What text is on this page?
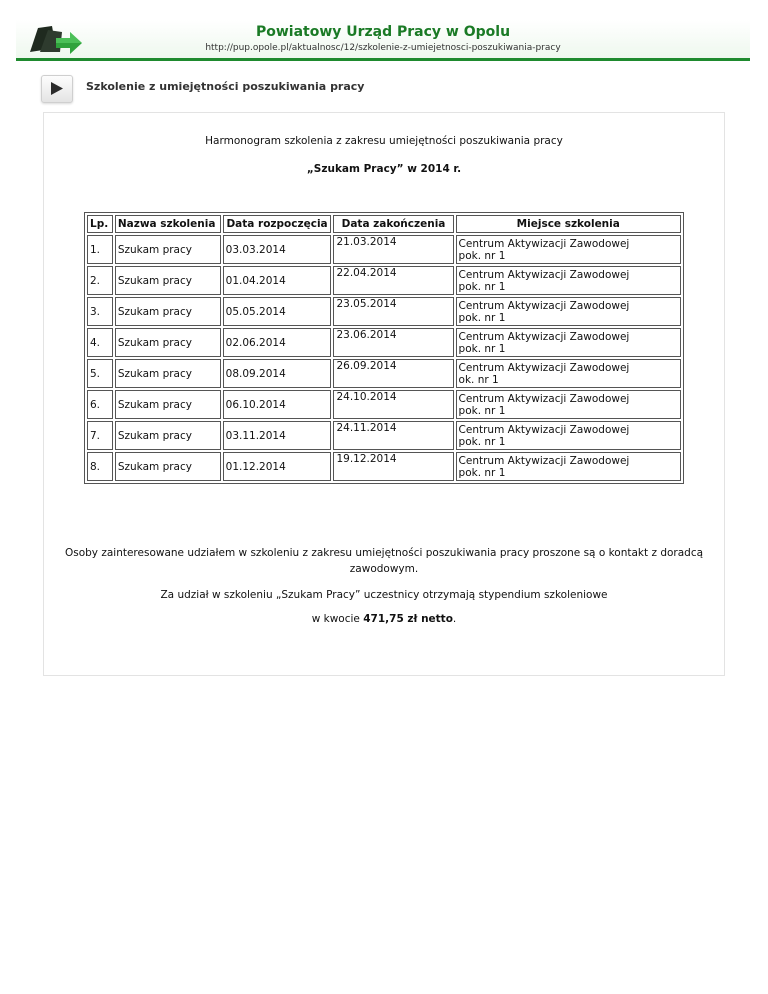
Powiatowy Urząd Pracy w Opolu
http://pup.opole.pl/aktualnosc/12/szkolenie-z-umiejetnosci-poszukiwania-pracy
Szkolenie z umiejętności poszukiwania pracy
Harmonogram szkolenia z zakresu umiejętności poszukiwania pracy
„Szukam Pracy” w 2014 r.
Lp.	Nazwa szkolenia	Data rozpoczęcia	Data zakończenia	Miejsce szkolenia
1.	Szukam pracy	03.03.2014	21.03.2014	Centrum Aktywizacji Zawodowej
pok. nr 1

2.	Szukam pracy	01.04.2014	22.04.2014	Centrum Aktywizacji Zawodowej
pok. nr 1

3.	Szukam pracy	05.05.2014	23.05.2014	Centrum Aktywizacji Zawodowej
pok. nr 1

4.	Szukam pracy	02.06.2014	23.06.2014	Centrum Aktywizacji Zawodowej
pok. nr 1

5.	Szukam pracy	08.09.2014	26.09.2014	Centrum Aktywizacji Zawodowej
ok. nr 1

6.	Szukam pracy	06.10.2014	24.10.2014	Centrum Aktywizacji Zawodowej
pok. nr 1

7.	Szukam pracy	03.11.2014	24.11.2014	Centrum Aktywizacji Zawodowej
pok. nr 1

8.	Szukam pracy	01.12.2014	19.12.2014	Centrum Aktywizacji Zawodowej
pok. nr 1
Osoby zainteresowane udziałem w szkoleniu z zakresu umiejętności poszukiwania pracy proszone są o kontakt z doradcą zawodowym.
Za udział w szkoleniu „Szukam Pracy” uczestnicy otrzymają stypendium szkoleniowe
w kwocie 471,75 zł netto.
